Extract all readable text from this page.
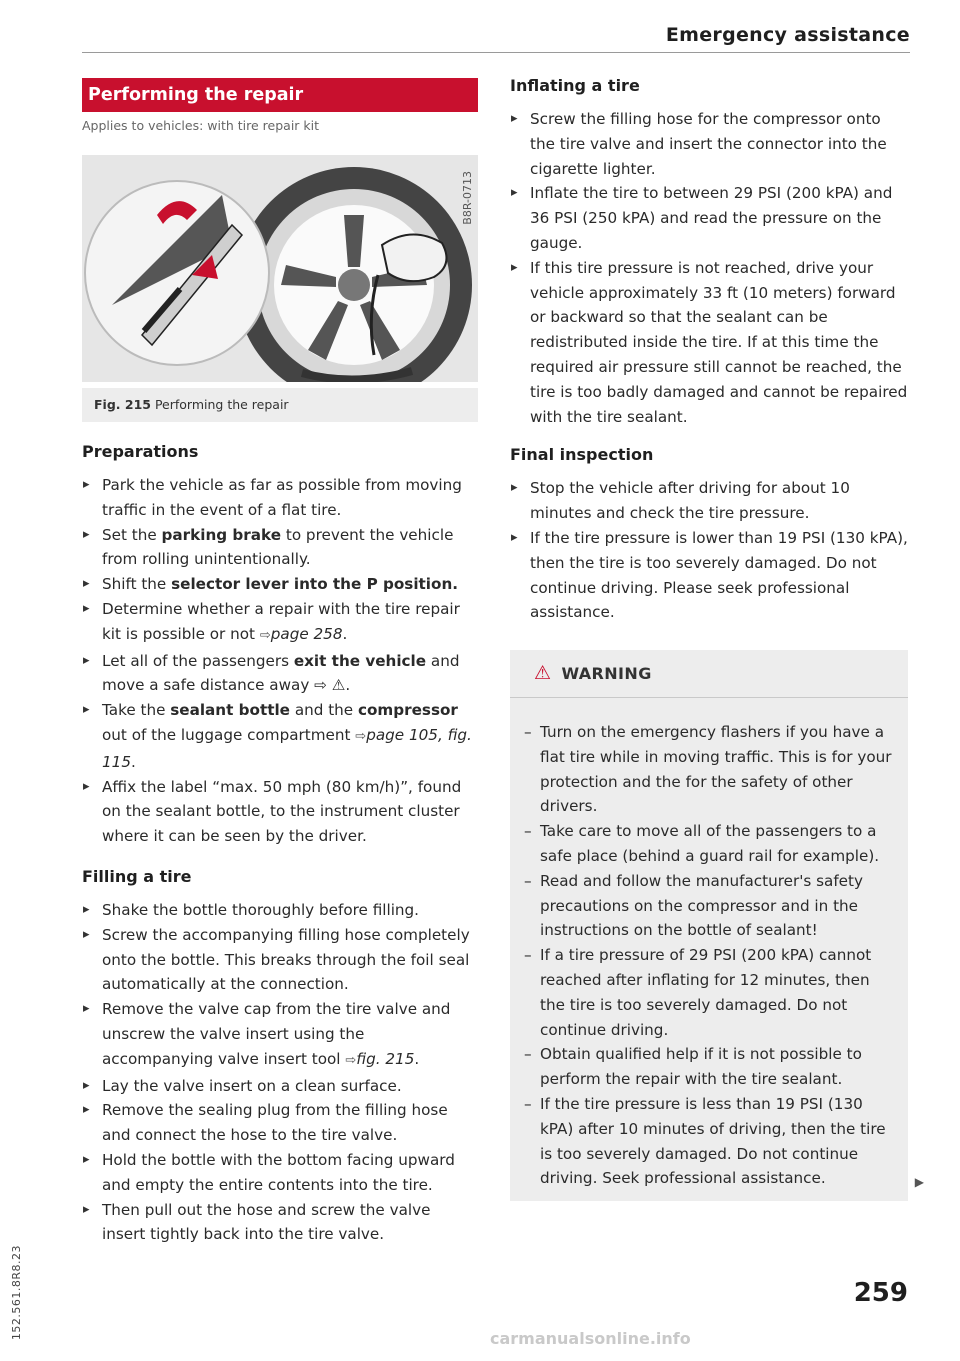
Emergency assistance
Performing the repair
Applies to vehicles: with tire repair kit
B8R-0713
Fig. 215 Performing the repair
Preparations
▸ Park the vehicle as far as possible from moving traffic in the event of a flat tire.
▸ Set the parking brake to prevent the vehicle from rolling unintentionally.
▸ Shift the selector lever into the P position.
▸ Determine whether a repair with the tire repair kit is possible or not ⇨page 258.
▸ Let all of the passengers exit the vehicle and move a safe distance away ⇨ ⚠.
▸ Take the sealant bottle and the compressor out of the luggage compartment ⇨page 105, fig. 115.
▸ Affix the label “max. 50 mph (80 km/h)”, found on the sealant bottle, to the instrument cluster where it can be seen by the driver.
Filling a tire
▸ Shake the bottle thoroughly before filling.
▸ Screw the accompanying filling hose completely onto the bottle. This breaks through the foil seal automatically at the connection.
▸ Remove the valve cap from the tire valve and unscrew the valve insert using the accompanying valve insert tool ⇨fig. 215.
▸ Lay the valve insert on a clean surface.
▸ Remove the sealing plug from the filling hose and connect the hose to the tire valve.
▸ Hold the bottle with the bottom facing upward and empty the entire contents into the tire.
▸ Then pull out the hose and screw the valve insert tightly back into the tire valve.
Inflating a tire
▸ Screw the filling hose for the compressor onto the tire valve and insert the connector into the cigarette lighter.
▸ Inflate the tire to between 29 PSI (200 kPA) and 36 PSI (250 kPA) and read the pressure on the gauge.
▸ If this tire pressure is not reached, drive your vehicle approximately 33 ft (10 meters) forward or backward so that the sealant can be redistributed inside the tire. If at this time the required air pressure still cannot be reached, the tire is too badly damaged and cannot be repaired with the tire sealant.
Final inspection
▸ Stop the vehicle after driving for about 10 minutes and check the tire pressure.
▸ If the tire pressure is lower than 19 PSI (130 kPA), then the tire is too severely damaged. Do not continue driving. Please seek professional assistance.
⚠ WARNING
– Turn on the emergency flashers if you have a flat tire while in moving traffic. This is for your protection and the for the safety of other drivers.
– Take care to move all of the passengers to a safe place (behind a guard rail for example).
– Read and follow the manufacturer's safety precautions on the compressor and in the instructions on the bottle of sealant!
– If a tire pressure of 29 PSI (200 kPA) cannot reached after inflating for 12 minutes, then the tire is too severely damaged. Do not continue driving.
– Obtain qualified help if it is not possible to perform the repair with the tire sealant.
– If the tire pressure is less than 19 PSI (130 kPA) after 10 minutes of driving, then the tire is too severely damaged. Do not continue driving. Seek professional assistance.	▶
259
152.561.8R8.23	carmanualsonline.info
